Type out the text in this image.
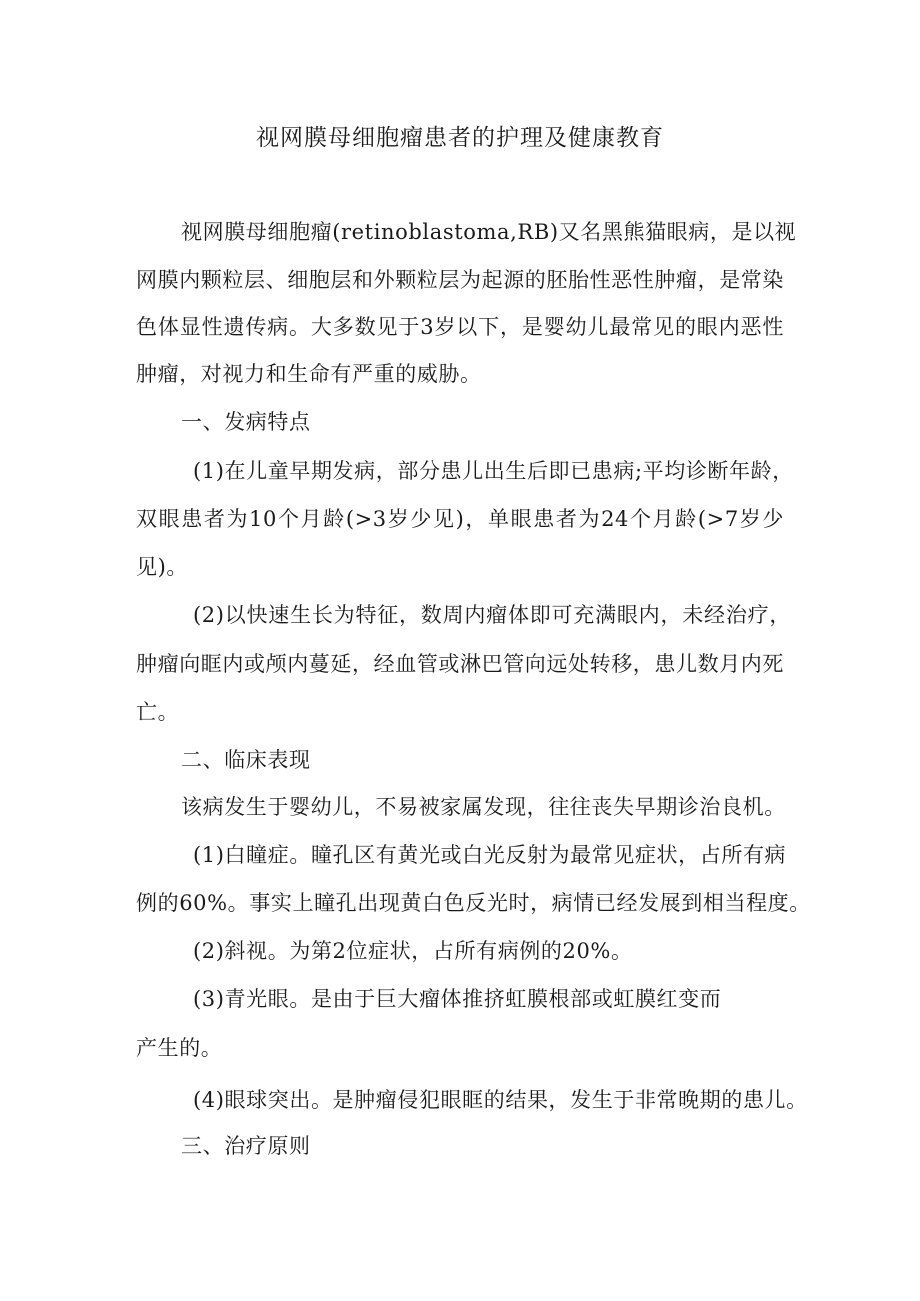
视网膜母细胞瘤患者的护理及健康教育
视网膜母细胞瘤(retinoblastoma,RB)又名黑熊猫眼病，是以视
网膜内颗粒层、细胞层和外颗粒层为起源的胚胎性恶性肿瘤，是常染
色体显性遗传病。大多数见于3岁以下，是婴幼儿最常见的眼内恶性
肿瘤，对视力和生命有严重的威胁。
一、发病特点
(1)在儿童早期发病，部分患儿出生后即已患病;平均诊断年龄，
双眼患者为10个月龄(>3岁少见)，单眼患者为24个月龄(>7岁少
见)。
(2)以快速生长为特征，数周内瘤体即可充满眼内，未经治疗，
肿瘤向眶内或颅内蔓延，经血管或淋巴管向远处转移，患儿数月内死
亡。
二、临床表现
该病发生于婴幼儿，不易被家属发现，往往丧失早期诊治良机。
(1)白瞳症。瞳孔区有黄光或白光反射为最常见症状，占所有病
例的60%。事实上瞳孔出现黄白色反光时，病情已经发展到相当程度。
(2)斜视。为第2位症状，占所有病例的20%。
(3)青光眼。是由于巨大瘤体推挤虹膜根部或虹膜红变而
产生的。
(4)眼球突出。是肿瘤侵犯眼眶的结果，发生于非常晚期的患儿。
三、治疗原则
